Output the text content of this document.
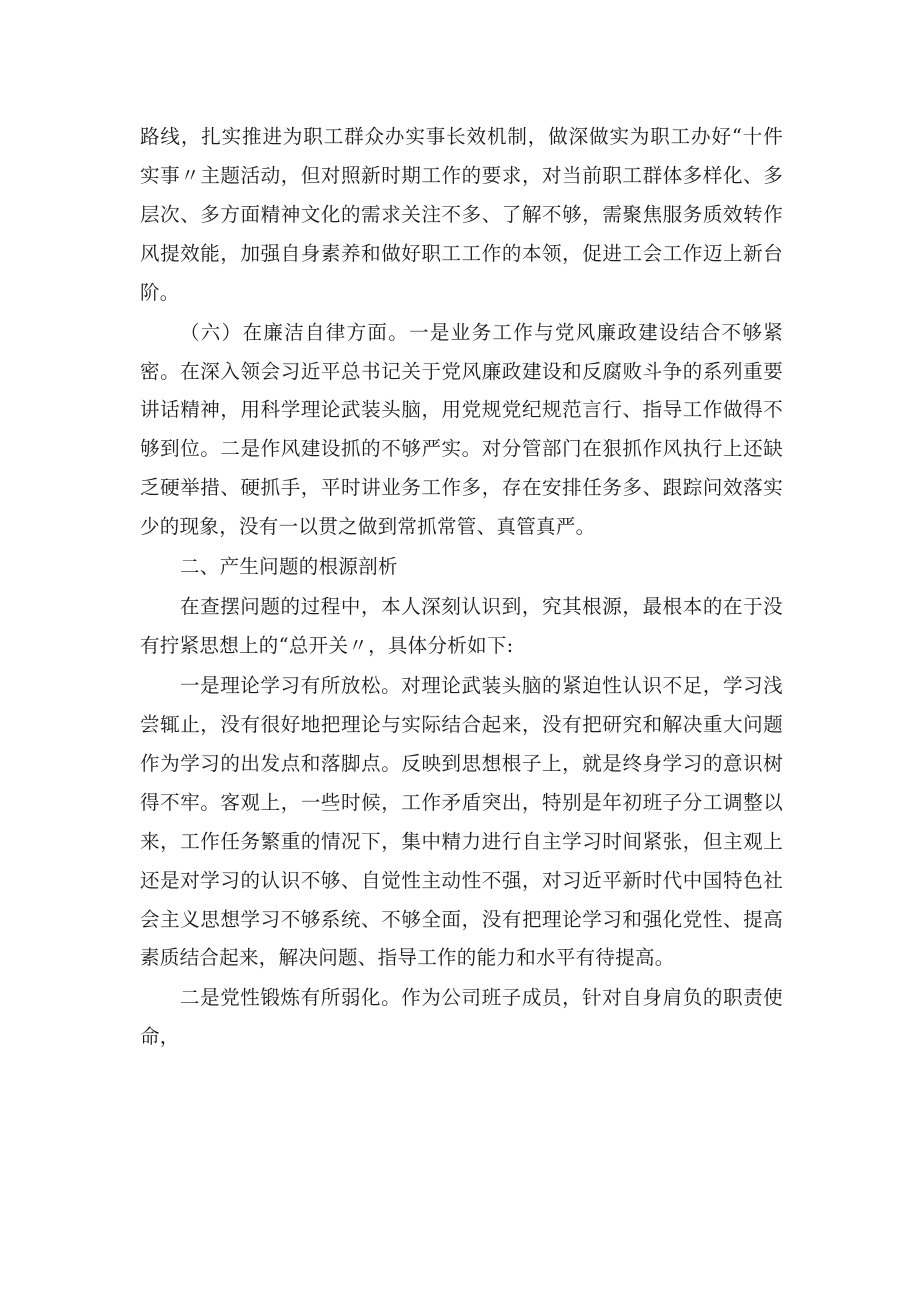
路线，扎实推进为职工群众办实事长效机制，做深做实为职工办好“十件实事〃主题活动，但对照新时期工作的要求，对当前职工群体多样化、多层次、多方面精神文化的需求关注不多、了解不够，需聚焦服务质效转作风提效能，加强自身素养和做好职工工作的本领，促进工会工作迈上新台阶。

（六）在廉洁自律方面。一是业务工作与党风廉政建设结合不够紧密。在深入领会习近平总书记关于党风廉政建设和反腐败斗争的系列重要讲话精神，用科学理论武装头脑，用党规党纪规范言行、指导工作做得不够到位。二是作风建设抓的不够严实。对分管部门在狠抓作风执行上还缺乏硬举措、硬抓手，平时讲业务工作多，存在安排任务多、跟踪问效落实少的现象，没有一以贯之做到常抓常管、真管真严。

二、产生问题的根源剖析

在查摆问题的过程中，本人深刻认识到，究其根源，最根本的在于没有拧紧思想上的“总开关〃，具体分析如下:

一是理论学习有所放松。对理论武装头脑的紧迫性认识不足，学习浅尝辄止，没有很好地把理论与实际结合起来，没有把研究和解决重大问题作为学习的出发点和落脚点。反映到思想根子上，就是终身学习的意识树得不牢。客观上，一些时候，工作矛盾突出，特别是年初班子分工调整以来，工作任务繁重的情况下，集中精力进行自主学习时间紧张，但主观上还是对学习的认识不够、自觉性主动性不强，对习近平新时代中国特色社会主义思想学习不够系统、不够全面，没有把理论学习和强化党性、提高素质结合起来，解决问题、指导工作的能力和水平有待提高。

二是党性锻炼有所弱化。作为公司班子成员，针对自身肩负的职责使命，
